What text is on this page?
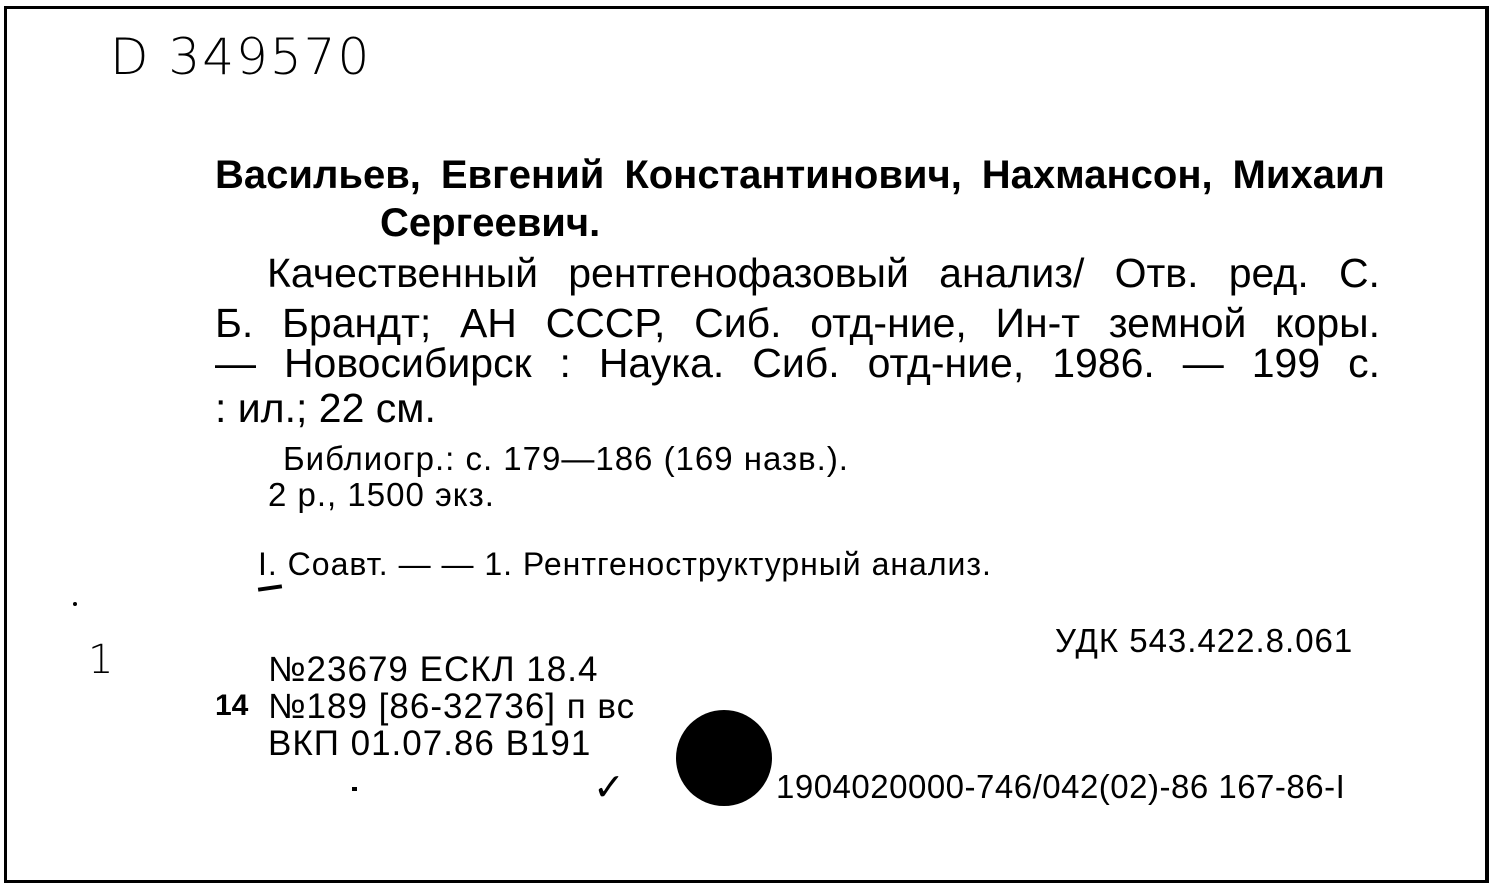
D 349570
Васильев, Евгений Константинович, Нахмансон, Михаил
Сергеевич.
Качественный рентгенофазовый анализ/ Отв. ред. С.
Б. Брандт; АН СССР, Сиб. отд-ние, Ин-т земной коры.
— Новосибирск : Наука. Сиб. отд-ние, 1986. — 199 с.
: ил.; 22 см.
Библиогр.: с. 179—186 (169 назв.).
2 р., 1500 экз.
I. Соавт. — — 1. Рентгеноструктурный анализ.
УДК 543.422.8.061
1	№23679 ЕСКЛ 18.4
14 №189 [86-32736] п вс
ВКП 01.07.86 В191
✓	1904020000-746/042(02)-86 167-86-I
